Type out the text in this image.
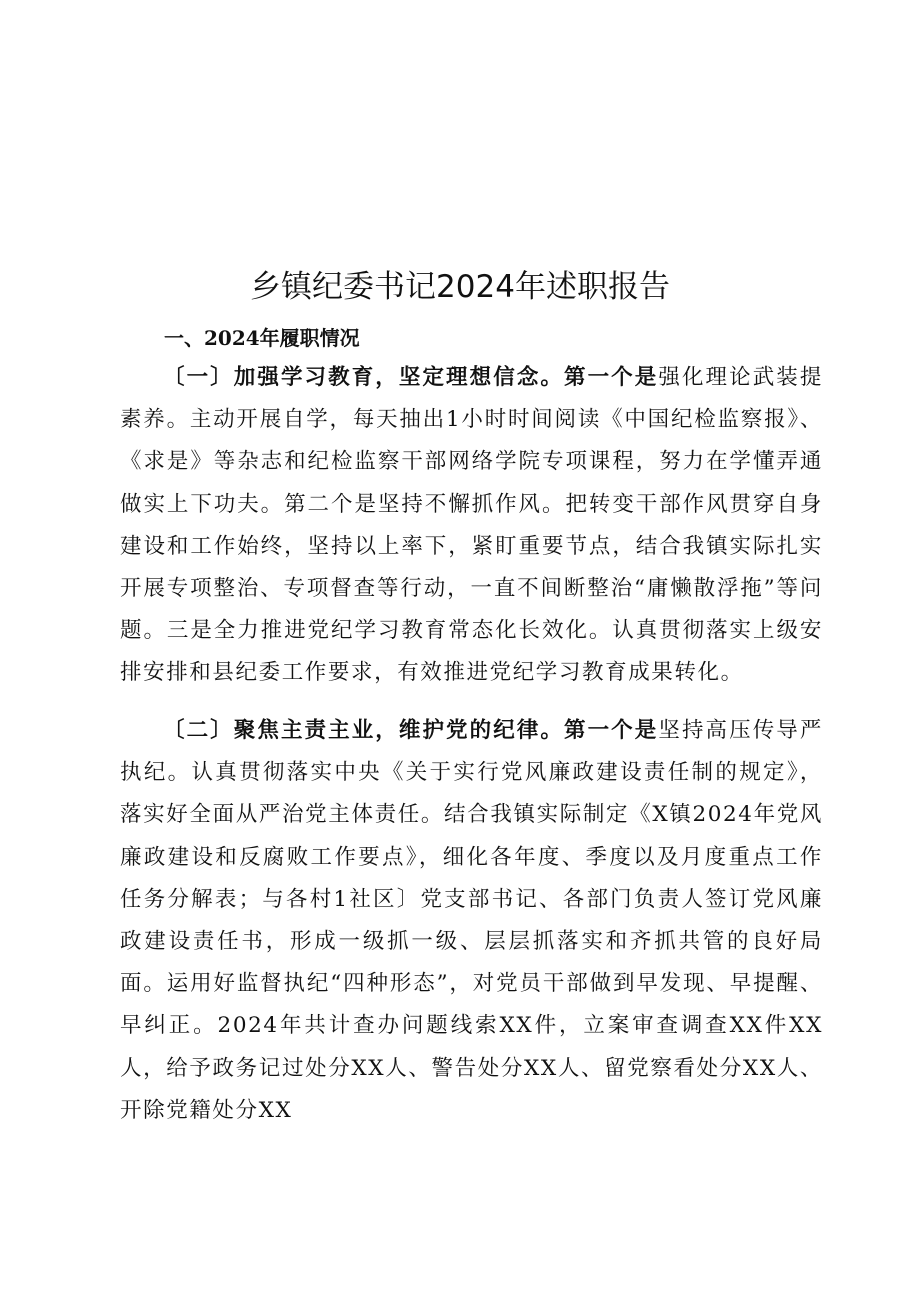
乡镇纪委书记2024年述职报告
一、2024年履职情况

〔一〕加强学习教育，坚定理想信念。第一个是强化理论武装提素养。主动开展自学，每天抽出1小时时间阅读《中国纪检监察报》、《求是》等杂志和纪检监察干部网络学院专项课程，努力在学懂弄通做实上下功夫。第二个是坚持不懈抓作风。把转变干部作风贯穿自身建设和工作始终，坚持以上率下，紧盯重要节点，结合我镇实际扎实开展专项整治、专项督查等行动，一直不间断整治“庸懒散浮拖”等问题。三是全力推进党纪学习教育常态化长效化。认真贯彻落实上级安排安排和县纪委工作要求，有效推进党纪学习教育成果转化。

〔二〕聚焦主责主业，维护党的纪律。第一个是坚持高压传导严执纪。认真贯彻落实中央《关于实行党风廉政建设责任制的规定》，落实好全面从严治党主体责任。结合我镇实际制定《X镇2024年党风廉政建设和反腐败工作要点》，细化各年度、季度以及月度重点工作任务分解表；与各村1社区〕党支部书记、各部门负责人签订党风廉政建设责任书，形成一级抓一级、层层抓落实和齐抓共管的良好局面。运用好监督执纪“四种形态”，对党员干部做到早发现、早提醒、早纠正。2024年共计查办问题线索XX件，立案审查调查XX件XX人，给予政务记过处分XX人、警告处分XX人、留党察看处分XX人、开除党籍处分XX
